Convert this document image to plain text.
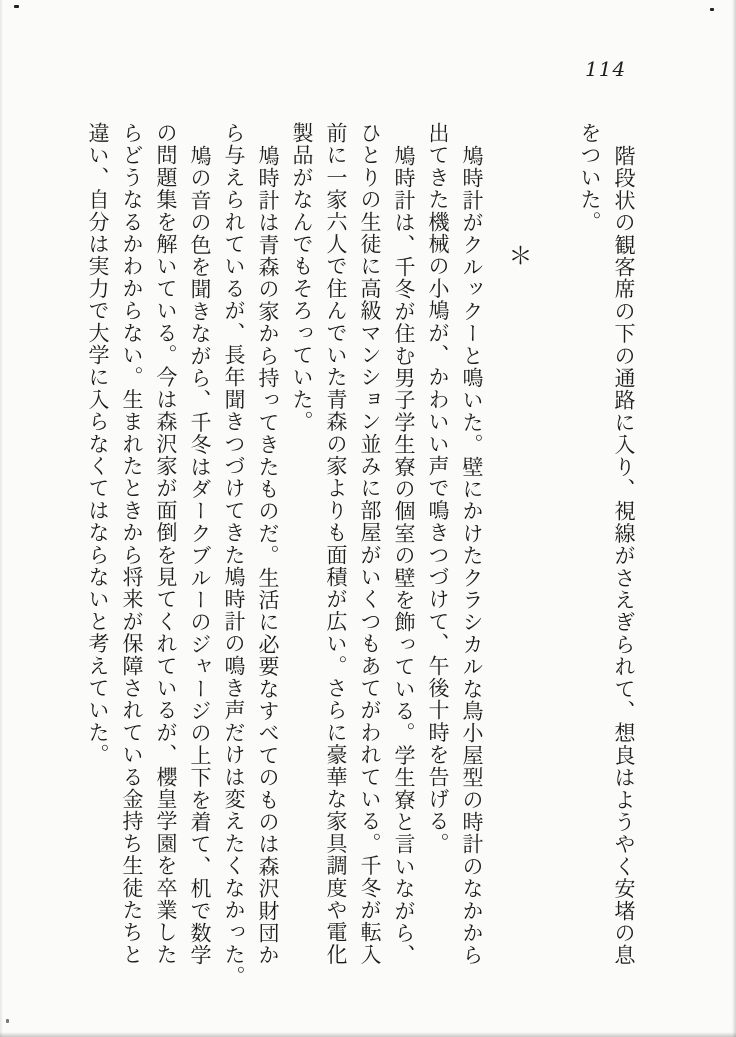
114
階段状の観客席の下の通路に入り、視線がさえぎられて、想良はようやく安堵の息
をついた。
＊
鳩時計がクルックーと鳴いた。壁にかけたクラシカルな鳥小屋型の時計のなかから
出てきた機械の小鳩が、かわいい声で鳴きつづけて、午後十時を告げる。
鳩時計は、千冬が住む男子学生寮の個室の壁を飾っている。学生寮と言いながら、
ひとりの生徒に高級マンション並みに部屋がいくつもあてがわれている。千冬が転入
前に一家六人で住んでいた青森の家よりも面積が広い。さらに豪華な家具調度や電化
製品がなんでもそろっていた。
鳩時計は青森の家から持ってきたものだ。生活に必要なすべてのものは森沢財団か
ら与えられているが、長年聞きつづけてきた鳩時計の鳴き声だけは変えたくなかった。
鳩の音の色を聞きながら、千冬はダークブルーのジャージの上下を着て、机で数学
の問題集を解いている。今は森沢家が面倒を見てくれているが、櫻皇学園を卒業した
らどうなるかわからない。生まれたときから将来が保障されている金持ち生徒たちと
違い、自分は実力で大学に入らなくてはならないと考えていた。
